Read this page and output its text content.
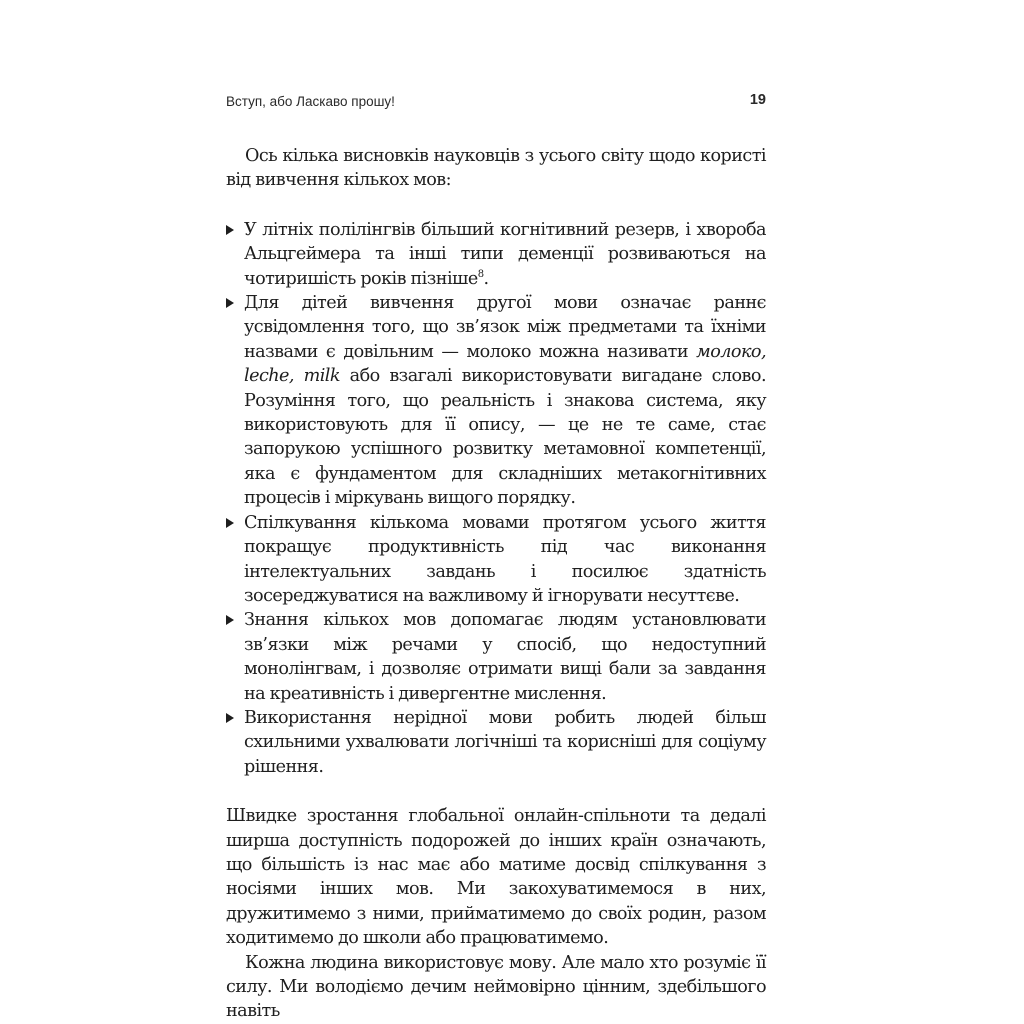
Вступ, або Ласкаво прошу!	19

Ось кілька висновків науковців з усього світу щодо користі від вивчення кількох мов:

У літніх полілінгвів більший когнітивний резерв, і хвороба Альцгеймера та інші типи деменції розвиваються на чотиришість років пізніше$^8$.
Для дітей вивчення другої мови означає раннє усвідомлення того, що зв’язок між предметами та їхніми назвами є довільним — молоко можна називати молоко, leche, milk або взагалі використовувати вигадане слово. Розуміння того, що реальність і знакова система, яку використовують для її опису, — це не те саме, стає запорукою успішного розвитку метамовної компетенції, яка є фундаментом для складніших метакогнітивних процесів і міркувань вищого порядку.
Спілкування кількома мовами протягом усього життя покращує продуктивність під час виконання інтелектуальних завдань і посилює здатність зосереджуватися на важливому й ігнорувати несуттєве.
Знання кількох мов допомагає людям установлювати зв’язки між речами у спосіб, що недоступний монолінгвам, і дозволяє отримати вищі бали за завдання на креативність і дивергентне мислення.
Використання нерідної мови робить людей більш схильними ухвалювати логічніші та корисніші для соціуму рішення.

Швидке зростання глобальної онлайн-спільноти та дедалі ширша доступність подорожей до інших країн означають, що більшість із нас має або матиме досвід спілкування з носіями інших мов. Ми закохуватимемося в них, дружитимемо з ними, прийматимемо до своїх родин, разом ходитимемо до школи або працюватимемо.

Кожна людина використовує мову. Але мало хто розуміє її силу. Ми володіємо дечим неймовірно цінним, здебільшого навіть
